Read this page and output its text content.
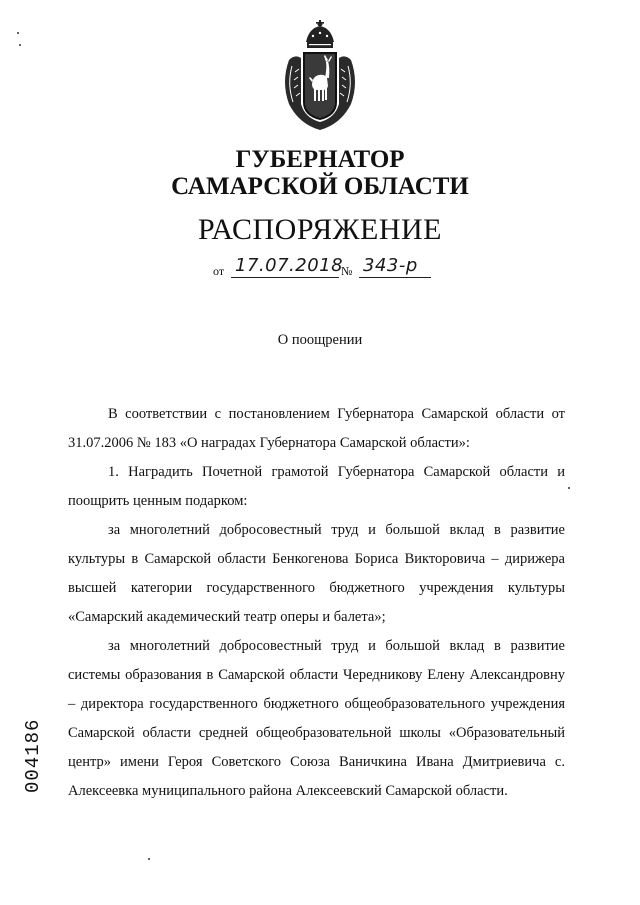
ГУБЕРНАТОР
САМАРСКОЙ ОБЛАСТИ
РАСПОРЯЖЕНИЕ
от 17.07.2018
№ 343-р
О поощрении

В соответствии с постановлением Губернатора Самарской области от 31.07.2006 № 183 «О наградах Губернатора Самарской области»:

1. Наградить Почетной грамотой Губернатора Самарской области и поощрить ценным подарком:

за многолетний добросовестный труд и большой вклад в развитие культуры в Самарской области Бенкогенова Бориса Викторовича – дирижера высшей категории государственного бюджетного учреждения культуры «Самарский академический театр оперы и балета»;

за многолетний добросовестный труд и большой вклад в развитие системы образования в Самарской области Чередникову Елену Александровну – директора государственного бюджетного общеобразовательного учреждения Самарской области средней общеобразовательной школы «Образовательный центр» имени Героя Советского Союза Ваничкина Ивана Дмитриевича с. Алексеевка муниципального района Алексеевский Самарской области.

004186
